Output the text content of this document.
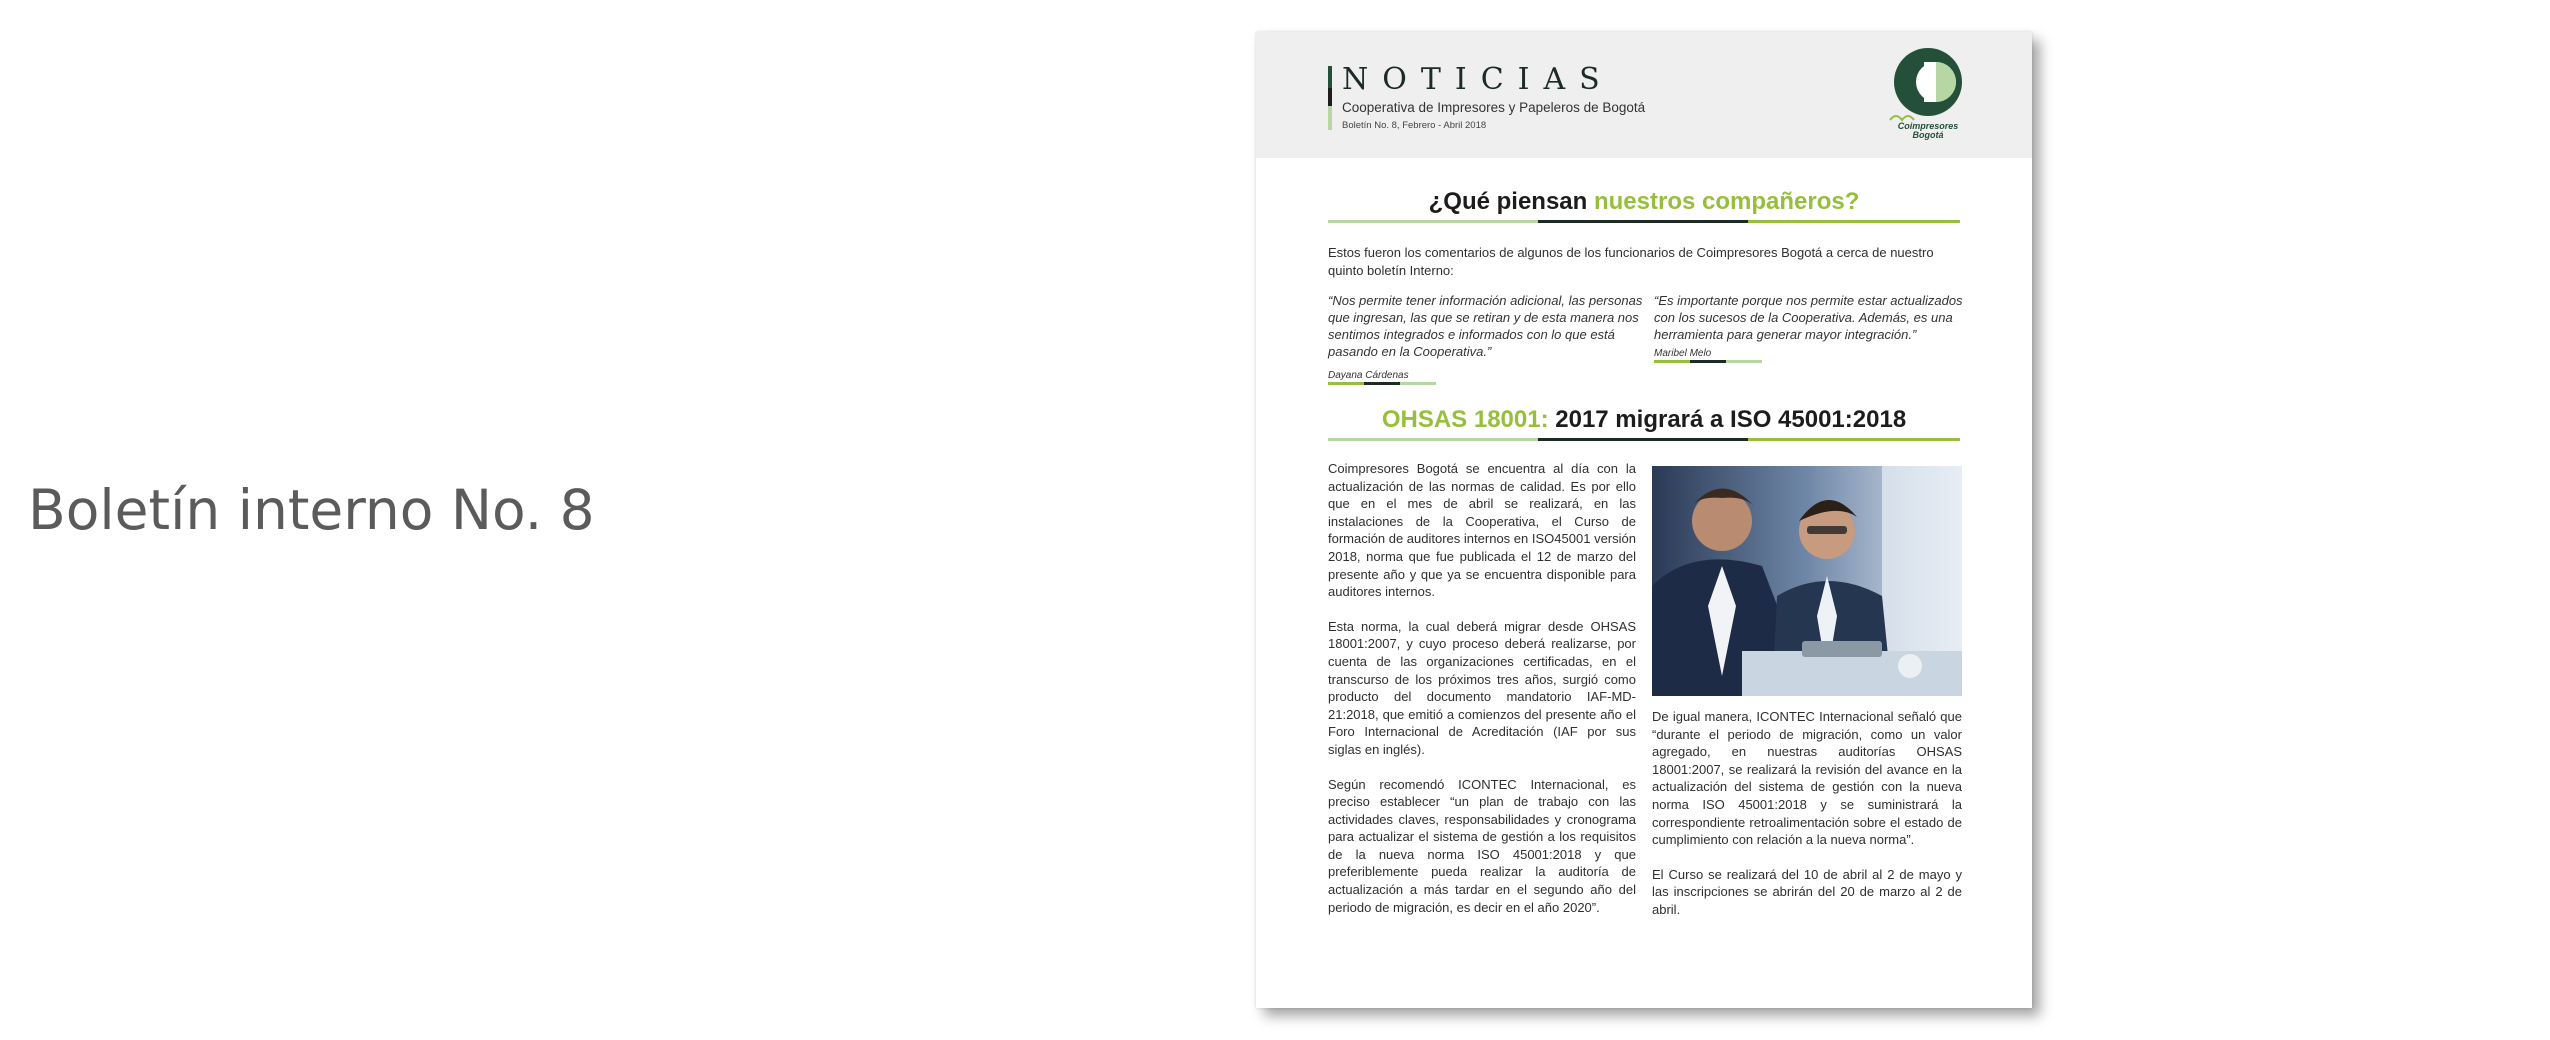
Boletín interno No. 8
NOTICIAS
Cooperativa de Impresores y Papeleros de Bogotá
Boletín No. 8, Febrero - Abril 2018	Coimpresores
Bogotá
¿Qué piensan nuestros compañeros?
Estos fueron los comentarios de algunos de los funcionarios de Coimpresores Bogotá a cerca de nuestro quinto boletín Interno:
“Nos permite tener información adicional, las personas que ingresan, las que se retiran y de esta manera nos sentimos integrados e informados con lo que está pasando en la Cooperativa.”
Dayana Cárdenas
“Es importante porque nos permite estar actualizados con los sucesos de la Cooperativa. Además, es una herramienta para generar mayor integración.”
Maribel Melo
OHSAS 18001: 2017 migrará a ISO 45001:2018

Coimpresores Bogotá se encuentra al día con la actualización de las normas de calidad. Es por ello que en el mes de abril se realizará, en las instalaciones de la Cooperativa, el Curso de formación de auditores internos en ISO45001 versión 2018, norma que fue publicada el 12 de marzo del presente año y que ya se encuentra disponible para auditores internos.

Esta norma, la cual deberá migrar desde OHSAS 18001:2007, y cuyo proceso deberá realizarse, por cuenta de las organizaciones certificadas, en el transcurso de los próximos tres años, surgió como producto del documento mandatorio IAF-MD-21:2018, que emitió a comienzos del presente año el Foro Internacional de Acreditación (IAF por sus siglas en inglés).

Según recomendó ICONTEC Internacional, es preciso establecer “un plan de trabajo con las actividades claves, responsabilidades y cronograma para actualizar el sistema de gestión a los requisitos de la nueva norma ISO 45001:2018 y que preferiblemente pueda realizar la auditoría de actualización a más tardar en el segundo año del periodo de migración, es decir en el año 2020”.

De igual manera, ICONTEC Internacional señaló que “durante el periodo de migración, como un valor agregado, en nuestras auditorías OHSAS 18001:2007, se realizará la revisión del avance en la actualización del sistema de gestión con la nueva norma ISO 45001:2018 y se suministrará la correspondiente retroalimentación sobre el estado de cumplimiento con relación a la nueva norma”.

El Curso se realizará del 10 de abril al 2 de mayo y las inscripciones se abrirán del 20 de marzo al 2 de abril.
